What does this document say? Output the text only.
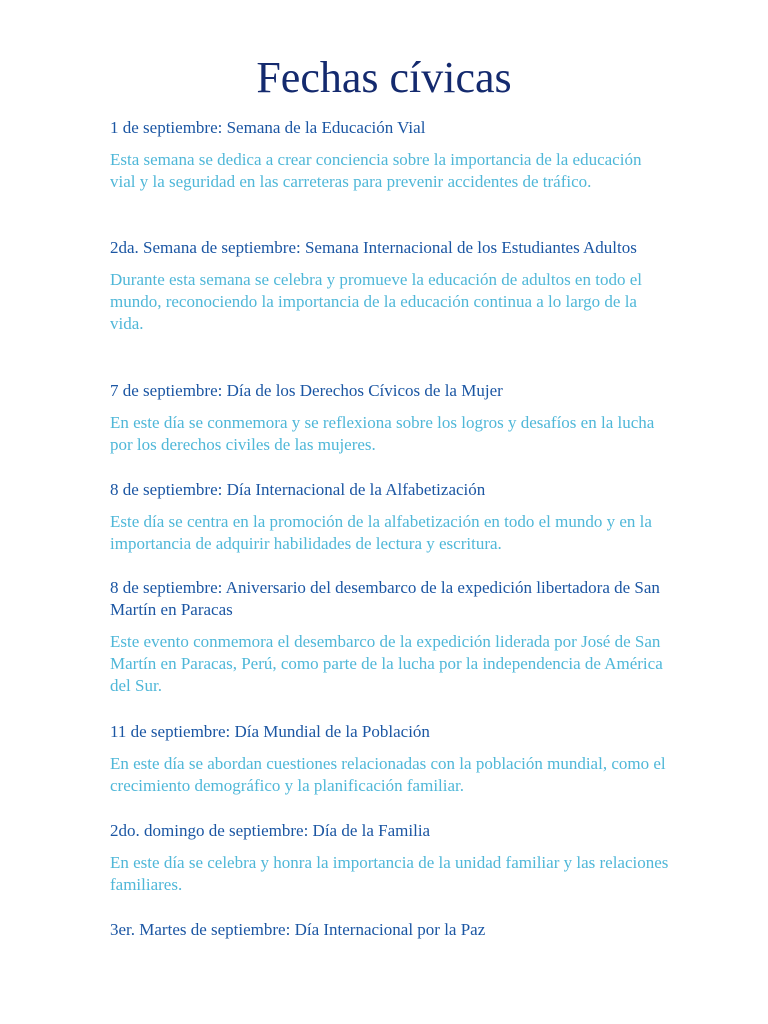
Fechas cívicas

1 de septiembre: Semana de la Educación Vial

Esta semana se dedica a crear conciencia sobre la importancia de la educación vial y la seguridad en las carreteras para prevenir accidentes de tráfico.

2da. Semana de septiembre: Semana Internacional de los Estudiantes Adultos

Durante esta semana se celebra y promueve la educación de adultos en todo el mundo, reconociendo la importancia de la educación continua a lo largo de la vida.

7 de septiembre: Día de los Derechos Cívicos de la Mujer

En este día se conmemora y se reflexiona sobre los logros y desafíos en la lucha por los derechos civiles de las mujeres.

8 de septiembre: Día Internacional de la Alfabetización

Este día se centra en la promoción de la alfabetización en todo el mundo y en la importancia de adquirir habilidades de lectura y escritura.

8 de septiembre: Aniversario del desembarco de la expedición libertadora de San Martín en Paracas

Este evento conmemora el desembarco de la expedición liderada por José de San Martín en Paracas, Perú, como parte de la lucha por la independencia de América del Sur.

11 de septiembre: Día Mundial de la Población

En este día se abordan cuestiones relacionadas con la población mundial, como el crecimiento demográfico y la planificación familiar.

2do. domingo de septiembre: Día de la Familia

En este día se celebra y honra la importancia de la unidad familiar y las relaciones familiares.

3er. Martes de septiembre: Día Internacional por la Paz
